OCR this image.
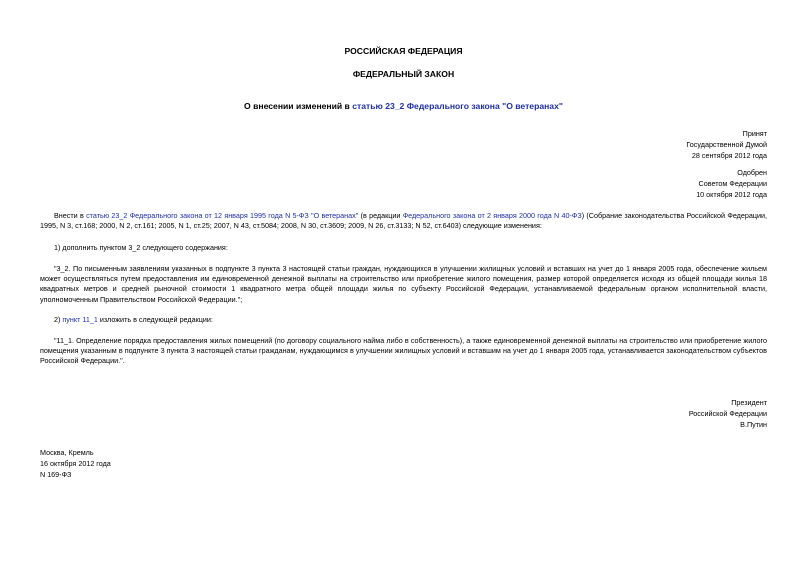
РОССИЙСКАЯ ФЕДЕРАЦИЯ
ФЕДЕРАЛЬНЫЙ ЗАКОН
О внесении изменений в статью 23_2 Федерального закона "О ветеранах"
Принят
Государственной Думой
28 сентября 2012 года
Одобрен
Советом Федерации
10 октября 2012 года
Внести в статью 23_2 Федерального закона от 12 января 1995 года N 5-ФЗ "О ветеранах" (в редакции Федерального закона от 2 января 2000 года N 40-ФЗ) (Собрание законодательства Российской Федерации, 1995, N 3, ст.168; 2000, N 2, ст.161; 2005, N 1, ст.25; 2007, N 43, ст.5084; 2008, N 30, ст.3609; 2009, N 26, ст.3133; N 52, ст.6403) следующие изменения:
1) дополнить пунктом 3_2 следующего содержания:
"3_2. По письменным заявлениям указанных в подпункте 3 пункта 3 настоящей статьи граждан, нуждающихся в улучшении жилищных условий и вставших на учет до 1 января 2005 года, обеспечение жильем может осуществляться путем предоставления им единовременной денежной выплаты на строительство или приобретение жилого помещения, размер которой определяется исходя из общей площади жилья 18 квадратных метров и средней рыночной стоимости 1 квадратного метра общей площади жилья по субъекту Российской Федерации, устанавливаемой федеральным органом исполнительной власти, уполномоченным Правительством Российской Федерации.";
2) пункт 11_1 изложить в следующей редакции:
"11_1. Определение порядка предоставления жилых помещений (по договору социального найма либо в собственность), а также единовременной денежной выплаты на строительство или приобретение жилого помещения указанным в подпункте 3 пункта 3 настоящей статьи гражданам, нуждающимся в улучшении жилищных условий и вставшим на учет до 1 января 2005 года, устанавливается законодательством субъектов Российской Федерации.".
Президент
Российской Федерации
В.Путин
Москва, Кремль
16 октября 2012 года
N 169-ФЗ
